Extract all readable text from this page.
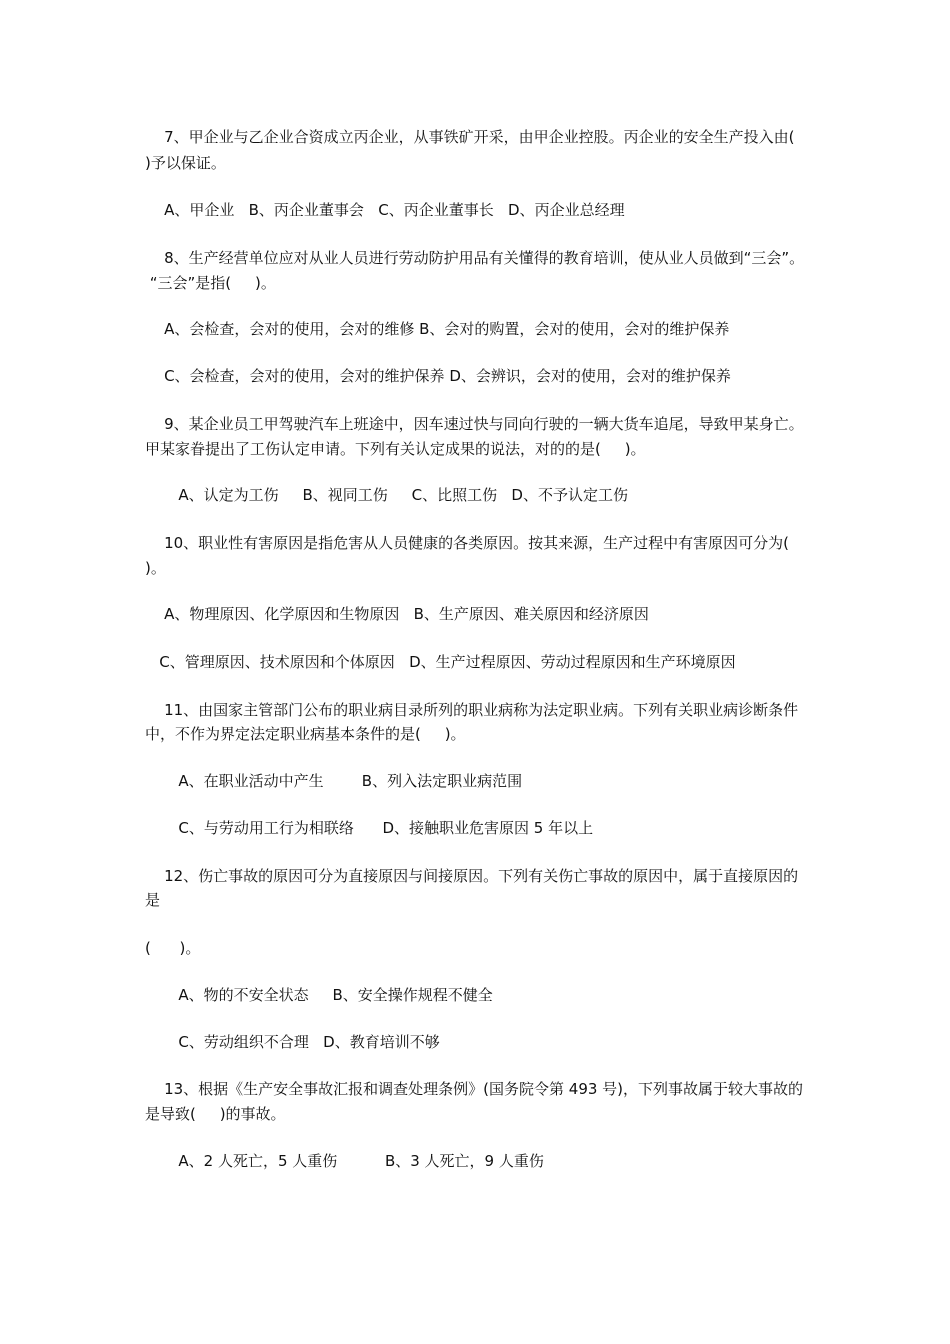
7、甲企业与乙企业合资成立丙企业，从事铁矿开采，由甲企业控股。丙企业的安全生产投入由(
)予以保证。
A、甲企业   B、丙企业董事会   C、丙企业董事长   D、丙企业总经理
8、生产经营单位应对从业人员进行劳动防护用品有关懂得的教育培训，使从业人员做到“三会”。
“三会”是指(     )。
A、会检查，会对的使用，会对的维修 B、会对的购置，会对的使用，会对的维护保养
C、会检查，会对的使用，会对的维护保养 D、会辨识，会对的使用，会对的维护保养
9、某企业员工甲驾驶汽车上班途中，因车速过快与同向行驶的一辆大货车追尾，导致甲某身亡。
甲某家眷提出了工伤认定申请。下列有关认定成果的说法，对的的是(     )。
A、认定为工伤     B、视同工伤     C、比照工伤   D、不予认定工伤
10、职业性有害原因是指危害从人员健康的各类原因。按其来源，生产过程中有害原因可分为(
)。
A、物理原因、化学原因和生物原因   B、生产原因、难关原因和经济原因
C、管理原因、技术原因和个体原因   D、生产过程原因、劳动过程原因和生产环境原因
11、由国家主管部门公布的职业病目录所列的职业病称为法定职业病。下列有关职业病诊断条件
中，不作为界定法定职业病基本条件的是(     )。
A、在职业活动中产生        B、列入法定职业病范围
C、与劳动用工行为相联络      D、接触职业危害原因 5 年以上
12、伤亡事故的原因可分为直接原因与间接原因。下列有关伤亡事故的原因中，属于直接原因的
是
(      )。
A、物的不安全状态     B、安全操作规程不健全
C、劳动组织不合理   D、教育培训不够
13、根据《生产安全事故汇报和调查处理条例》(国务院令第 493 号)，下列事故属于较大事故的
是导致(     )的事故。
A、2 人死亡，5 人重伤          B、3 人死亡，9 人重伤
